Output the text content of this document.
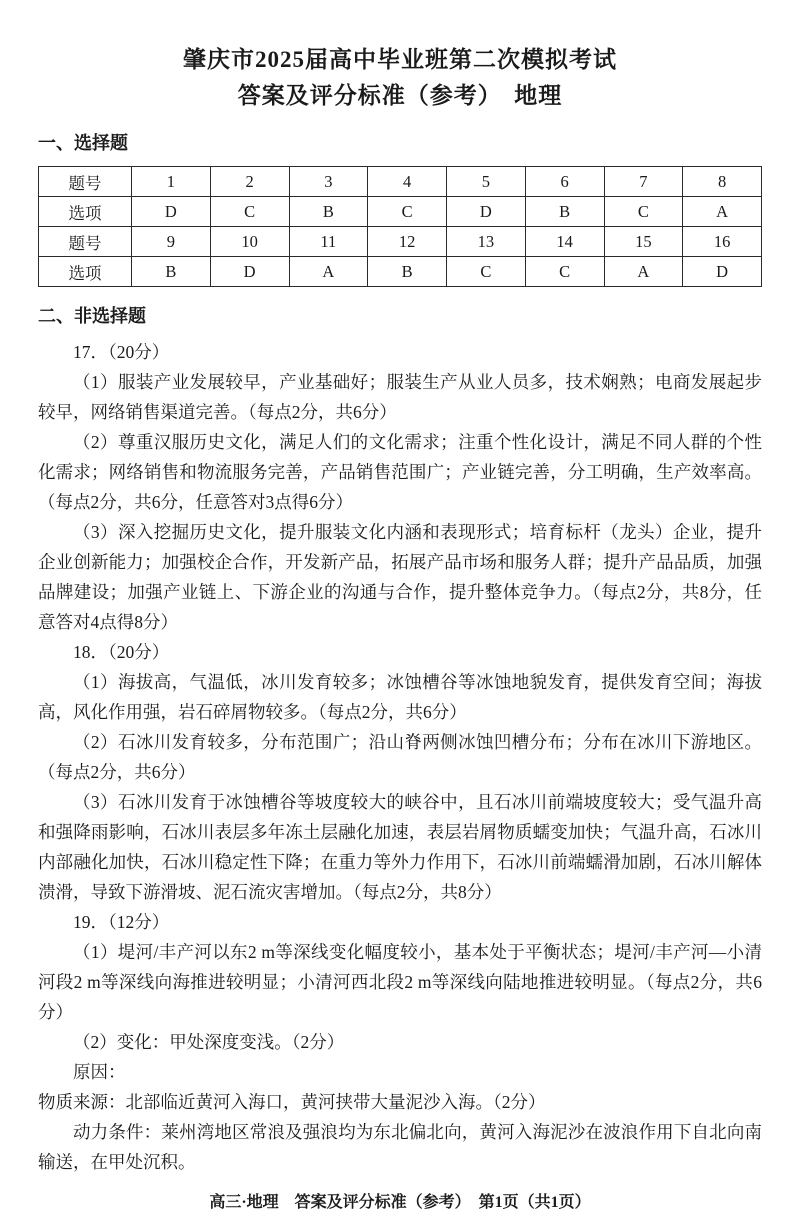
肇庆市2025届高中毕业班第二次模拟考试
答案及评分标准（参考）　地理
一、选择题
题号	1	2	3	4	5	6	7	8
选项	D	C	B	C	D	B	C	A
题号	9	10	11	12	13	14	15	16
选项	B	D	A	B	C	C	A	D
二、非选择题

17．（20分）

（1）服装产业发展较早，产业基础好；服装生产从业人员多，技术娴熟；电商发展起步较早，网络销售渠道完善。（每点2分，共6分）

（2）尊重汉服历史文化，满足人们的文化需求；注重个性化设计，满足不同人群的个性化需求；网络销售和物流服务完善，产品销售范围广；产业链完善，分工明确，生产效率高。（每点2分，共6分，任意答对3点得6分）

（3）深入挖掘历史文化，提升服装文化内涵和表现形式；培育标杆（龙头）企业，提升企业创新能力；加强校企合作，开发新产品，拓展产品市场和服务人群；提升产品品质，加强品牌建设；加强产业链上、下游企业的沟通与合作，提升整体竞争力。（每点2分，共8分，任意答对4点得8分）

18．（20分）

（1）海拔高，气温低，冰川发育较多；冰蚀槽谷等冰蚀地貌发育，提供发育空间；海拔高，风化作用强，岩石碎屑物较多。（每点2分，共6分）

（2）石冰川发育较多，分布范围广；沿山脊两侧冰蚀凹槽分布；分布在冰川下游地区。（每点2分，共6分）

（3）石冰川发育于冰蚀槽谷等坡度较大的峡谷中，且石冰川前端坡度较大；受气温升高和强降雨影响，石冰川表层多年冻土层融化加速，表层岩屑物质蠕变加快；气温升高，石冰川内部融化加快，石冰川稳定性下降；在重力等外力作用下，石冰川前端蠕滑加剧，石冰川解体溃滑，导致下游滑坡、泥石流灾害增加。（每点2分，共8分）

19．（12分）

（1）堤河/丰产河以东2 m等深线变化幅度较小，基本处于平衡状态；堤河/丰产河—小清河段2 m等深线向海推进较明显；小清河西北段2 m等深线向陆地推进较明显。（每点2分，共6分）

（2）变化：甲处深度变浅。（2分）

原因：

物质来源：北部临近黄河入海口，黄河挟带大量泥沙入海。（2分）

动力条件：莱州湾地区常浪及强浪均为东北偏北向，黄河入海泥沙在波浪作用下自北向南输送，在甲处沉积。

高三·地理　答案及评分标准（参考）　第1页（共1页）
